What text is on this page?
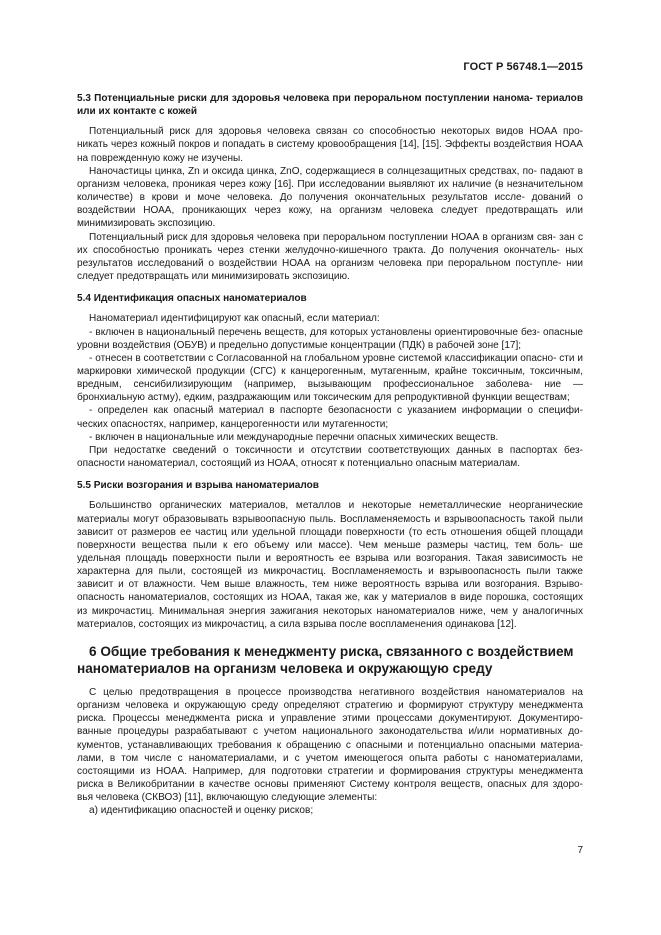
ГОСТ Р 56748.1—2015

5.3 Потенциальные риски для здоровья человека при пероральном поступлении нанома- териалов или их контакте с кожей

Потенциальный риск для здоровья человека связан со способностью некоторых видов НОАА про- никать через кожный покров и попадать в систему кровообращения [14], [15]. Эффекты воздействия НОАА на поврежденную кожу не изучены.

Наночастицы цинка, Zn и оксида цинка, ZnO, содержащиеся в солнцезащитных средствах, по- падают в организм человека, проникая через кожу [16]. При исследовании выявляют их наличие (в незначительном количестве) в крови и моче человека. До получения окончательных результатов иссле- дований о воздействии НОАА, проникающих через кожу, на организм человека следует предотвращать или минимизировать экспозицию.

Потенциальный риск для здоровья человека при пероральном поступлении НОАА в организм свя- зан с их способностью проникать через стенки желудочно-кишечного тракта. До получения окончатель- ных результатов исследований о воздействии НОАА на организм человека при пероральном поступле- нии следует предотвращать или минимизировать экспозицию.

5.4 Идентификация опасных наноматериалов

Наноматериал идентифицируют как опасный, если материал:

- включен в национальный перечень веществ, для которых установлены ориентировочные без- опасные уровни воздействия (ОБУВ) и предельно допустимые концентрации (ПДК) в рабочей зоне [17];

- отнесен в соответствии с Согласованной на глобальном уровне системой классификации опасно- сти и маркировки химической продукции (СГС) к канцерогенным, мутагенным, крайне токсичным, токсичным, вредным, сенсибилизирующим (например, вызывающим профессиональное заболева- ние — бронхиальную астму), едким, раздражающим или токсическим для репродуктивной функции веществам;

- определен как опасный материал в паспорте безопасности с указанием информации о специфи- ческих опасностях, например, канцерогенности или мутагенности;

- включен в национальные или международные перечни опасных химических веществ.

При недостатке сведений о токсичности и отсутствии соответствующих данных в паспортах без- опасности наноматериал, состоящий из НОАА, относят к потенциально опасным материалам.

5.5 Риски возгорания и взрыва наноматериалов

Большинство органических материалов, металлов и некоторые неметаллические неорганические материалы могут образовывать взрывоопасную пыль. Воспламеняемость и взрывоопасность такой пыли зависит от размеров ее частиц или удельной площади поверхности (то есть отношения общей площади поверхности вещества пыли к его объему или массе). Чем меньше размеры частиц, тем боль- ше удельная площадь поверхности пыли и вероятность ее взрыва или возгорания. Такая зависимость не характерна для пыли, состоящей из микрочастиц. Воспламеняемость и взрывоопасность пыли также зависит и от влажности. Чем выше влажность, тем ниже вероятность взрыва или возгорания. Взрыво- опасность наноматериалов, состоящих из НОАА, такая же, как у материалов в виде порошка, состоящих из микрочастиц. Минимальная энергия зажигания некоторых наноматериалов ниже, чем у аналогичных материалов, состоящих из микрочастиц, а сила взрыва после воспламенения одинакова [12].

6 Общие требования к менеджменту риска, связанного с воздействием наноматериалов на организм человека и окружающую среду

С целью предотвращения в процессе производства негативного воздействия наноматериалов на организм человека и окружающую среду определяют стратегию и формируют структуру менеджмента риска. Процессы менеджмента риска и управление этими процессами документируют. Документиро- ванные процедуры разрабатывают с учетом национального законодательства и/или нормативных до- кументов, устанавливающих требования к обращению с опасными и потенциально опасными материа- лами, в том числе с наноматериалами, и с учетом имеющегося опыта работы с наноматериалами, состоящими из НОАА. Например, для подготовки стратегии и формирования структуры менеджмента риска в Великобритании в качестве основы применяют Систему контроля веществ, опасных для здоро- вья человека (СКВОЗ) [11], включающую следующие элементы:

а) идентификацию опасностей и оценку рисков;

7
